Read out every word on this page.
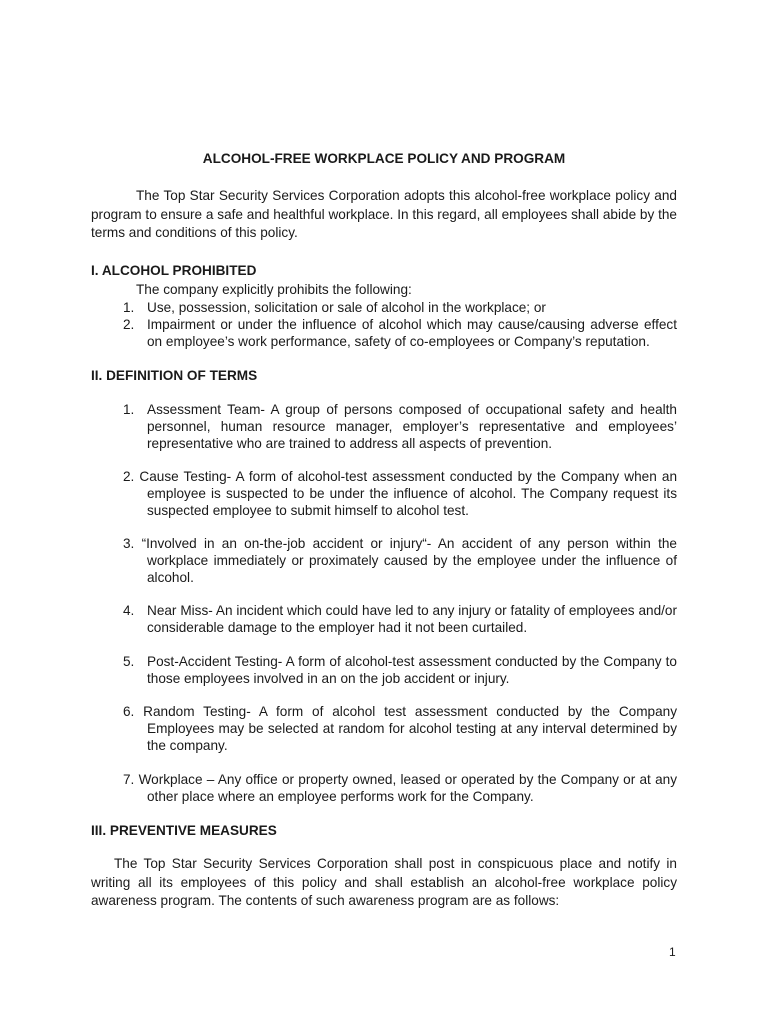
ALCOHOL-FREE WORKPLACE POLICY AND PROGRAM
The Top Star Security Services Corporation adopts this alcohol-free workplace policy and program to ensure a safe and healthful workplace. In this regard, all employees shall abide by the terms and conditions of this policy.
I. ALCOHOL PROHIBITED
The company explicitly prohibits the following:
1. Use, possession, solicitation or sale of alcohol in the workplace; or
2. Impairment or under the influence of alcohol which may cause/causing adverse effect on employee’s work performance, safety of co-employees or Company’s reputation.
II. DEFINITION OF TERMS
1. Assessment Team- A group of persons composed of occupational safety and health personnel, human resource manager, employer’s representative and employees’ representative who are trained to address all aspects of prevention.
2. Cause Testing- A form of alcohol-test assessment conducted by the Company when an employee is suspected to be under the influence of alcohol. The Company request its suspected employee to submit himself to alcohol test.
3. “Involved in an on-the-job accident or injury“- An accident of any person within the workplace immediately or proximately caused by the employee under the influence of alcohol.
4. Near Miss- An incident which could have led to any injury or fatality of employees and/or considerable damage to the employer had it not been curtailed.
5. Post-Accident Testing- A form of alcohol-test assessment conducted by the Company to those employees involved in an on the job accident or injury.
6. Random Testing- A form of alcohol test assessment conducted by the Company Employees may be selected at random for alcohol testing at any interval determined by the company.
7. Workplace – Any office or property owned, leased or operated by the Company or at any other place where an employee performs work for the Company.
III. PREVENTIVE MEASURES
The Top Star Security Services Corporation shall post in conspicuous place and notify in writing all its employees of this policy and shall establish an alcohol-free workplace policy awareness program. The contents of such awareness program are as follows:
1
